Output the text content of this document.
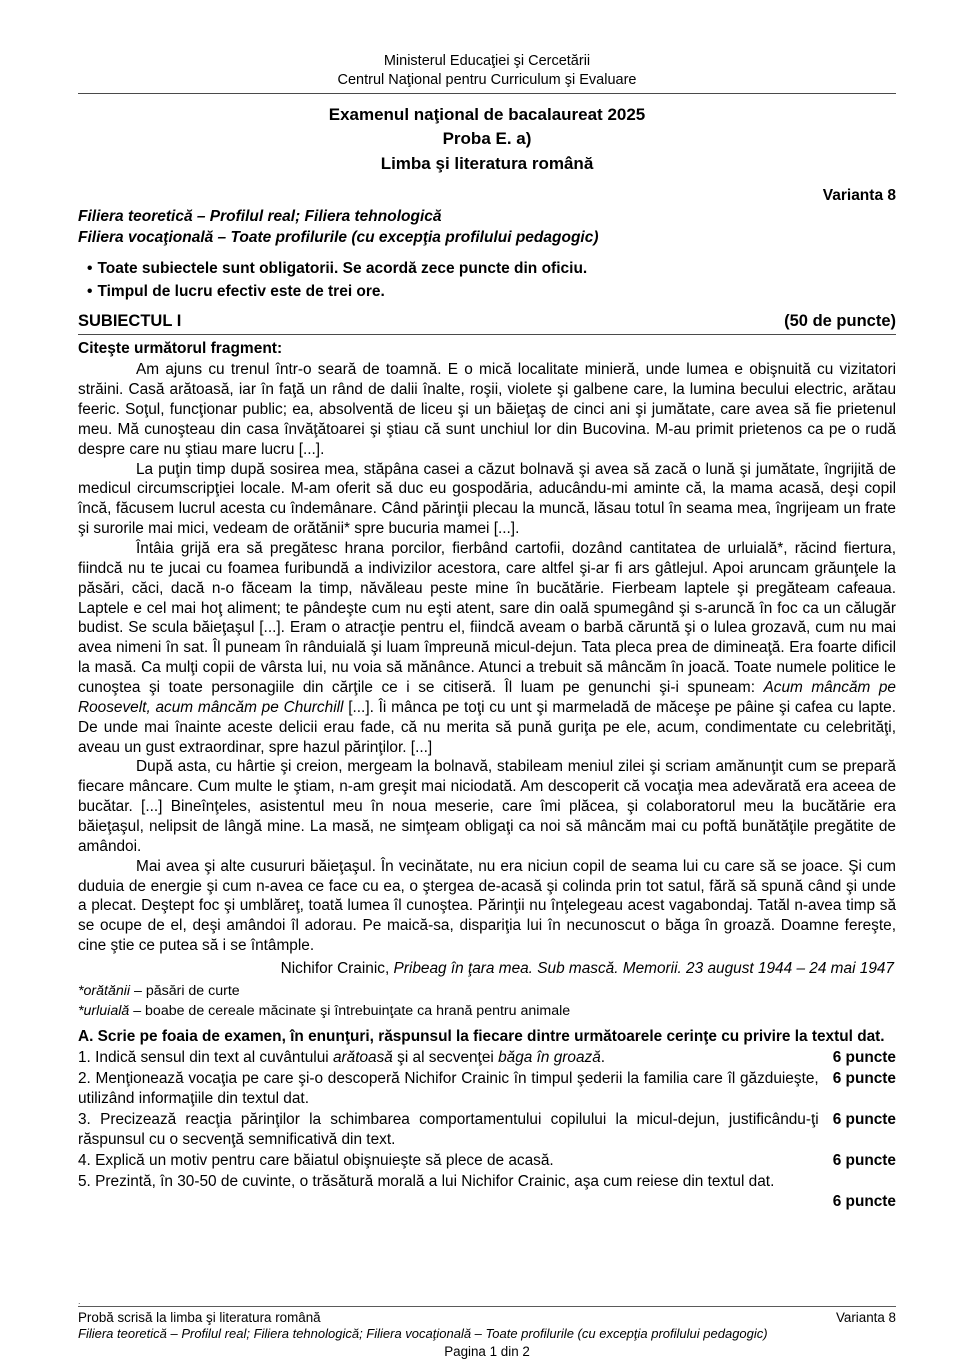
Ministerul Educaţiei şi Cercetării
Centrul Naţional pentru Curriculum şi Evaluare
Examenul naţional de bacalaureat 2025
Proba E. a)
Limba şi literatura română
Varianta 8
Filiera teoretică – Profilul real; Filiera tehnologică
Filiera vocaţională – Toate profilurile (cu excepţia profilului pedagogic)
• Toate subiectele sunt obligatorii. Se acordă zece puncte din oficiu.
• Timpul de lucru efectiv este de trei ore.
SUBIECTUL I	(50 de puncte)
Citeşte următorul fragment:

Am ajuns cu trenul într-o seară de toamnă. E o mică localitate minieră, unde lumea e obişnuită cu vizitatori străini. Casă arătoasă, iar în faţă un rând de dalii înalte, roşii, violete şi galbene care, la lumina becului electric, arătau feeric. Soţul, funcţionar public; ea, absolventă de liceu şi un băieţaş de cinci ani şi jumătate, care avea să fie prietenul meu. Mă cunoşteau din casa învăţătoarei şi ştiau că sunt unchiul lor din Bucovina. M-au primit prietenos ca pe o rudă despre care nu ştiau mare lucru [...].

La puţin timp după sosirea mea, stăpâna casei a căzut bolnavă şi avea să zacă o lună şi jumătate, îngrijită de medicul circumscripţiei locale. M-am oferit să duc eu gospodăria, aducându-mi aminte că, la mama acasă, deşi copil încă, făcusem lucrul acesta cu îndemânare. Când părinţii plecau la muncă, lăsau totul în seama mea, îngrijeam un frate şi surorile mai mici, vedeam de orătănii* spre bucuria mamei [...].

Întâia grijă era să pregătesc hrana porcilor, fierbând cartofii, dozând cantitatea de urluială*, răcind fiertura, fiindcă nu te jucai cu foamea furibundă a indivizilor acestora, care altfel şi-ar fi ars gâtlejul. Apoi aruncam grăunţele la păsări, căci, dacă n-o făceam la timp, năvăleau peste mine în bucătărie. Fierbeam laptele şi pregăteam cafeaua. Laptele e cel mai hoţ aliment; te pândeşte cum nu eşti atent, sare din oală spumegând şi s-aruncă în foc ca un călugăr budist. Se scula băieţaşul [...]. Eram o atracţie pentru el, fiindcă aveam o barbă căruntă şi o lulea grozavă, cum nu mai avea nimeni în sat. Îl puneam în rânduială şi luam împreună micul-dejun. Tata pleca prea de dimineaţă. Era foarte dificil la masă. Ca mulţi copii de vârsta lui, nu voia să mănânce. Atunci a trebuit să mâncăm în joacă. Toate numele politice le cunoştea şi toate personagiile din cărţile ce i se citiseră. Îl luam pe genunchi şi-i spuneam: Acum mâncăm pe Roosevelt, acum mâncăm pe Churchill [...]. Îi mânca pe toţi cu unt şi marmeladă de măceşe pe pâine şi cafea cu lapte. De unde mai înainte aceste delicii erau fade, că nu merita să pună guriţa pe ele, acum, condimentate cu celebrităţi, aveau un gust extraordinar, spre hazul părinţilor. [...]

După asta, cu hârtie şi creion, mergeam la bolnavă, stabileam meniul zilei şi scriam amănunţit cum se prepară fiecare mâncare. Cum multe le ştiam, n-am greşit mai niciodată. Am descoperit că vocaţia mea adevărată era aceea de bucătar. [...] Bineînţeles, asistentul meu în noua meserie, care îmi plăcea, şi colaboratorul meu la bucătărie era băieţaşul, nelipsit de lângă mine. La masă, ne simţeam obligaţi ca noi să mâncăm mai cu poftă bunătăţile pregătite de amândoi.

Mai avea şi alte cusururi băieţaşul. În vecinătate, nu era niciun copil de seama lui cu care să se joace. Şi cum duduia de energie şi cum n-avea ce face cu ea, o ştergea de-acasă şi colinda prin tot satul, fără să spună când şi unde a plecat. Deştept foc şi umblăreţ, toată lumea îl cunoştea. Părinţii nu înţelegeau acest vagabondaj. Tatăl n-avea timp să se ocupe de el, deşi amândoi îl adorau. Pe maică-sa, dispariţia lui în necunoscut o băga în groază. Doamne fereşte, cine ştie ce putea să i se întâmple.

Nichifor Crainic, Pribeag în ţara mea. Sub mască. Memorii. 23 august 1944 – 24 mai 1947
*orătănii – păsări de curte
*urluială – boabe de cereale măcinate şi întrebuinţate ca hrană pentru animale
A. Scrie pe foaia de examen, în enunţuri, răspunsul la fiecare dintre următoarele cerinţe cu privire la textul dat.
6 puncte
1. Indică sensul din text al cuvântului arătoasă şi al secvenţei băga în groază.
6 puncte
2. Menţionează vocaţia pe care şi-o descoperă Nichifor Crainic în timpul şederii la familia care îl găzduieşte, utilizând informaţiile din textul dat.
6 puncte
3. Precizează reacţia părinţilor la schimbarea comportamentului copilului la micul-dejun, justificându-ţi răspunsul cu o secvenţă semnificativă din text.
6 puncte
4. Explică un motiv pentru care băiatul obişnuieşte să plece de acasă.
5. Prezintă, în 30-50 de cuvinte, o trăsătură morală a lui Nichifor Crainic, aşa cum reiese din textul dat.
6 puncte
.
Probă scrisă la limba şi literatura română	Varianta 8
Filiera teoretică – Profilul real; Filiera tehnologică; Filiera vocaţională – Toate profilurile (cu excepţia profilului pedagogic)
Pagina 1 din 2
